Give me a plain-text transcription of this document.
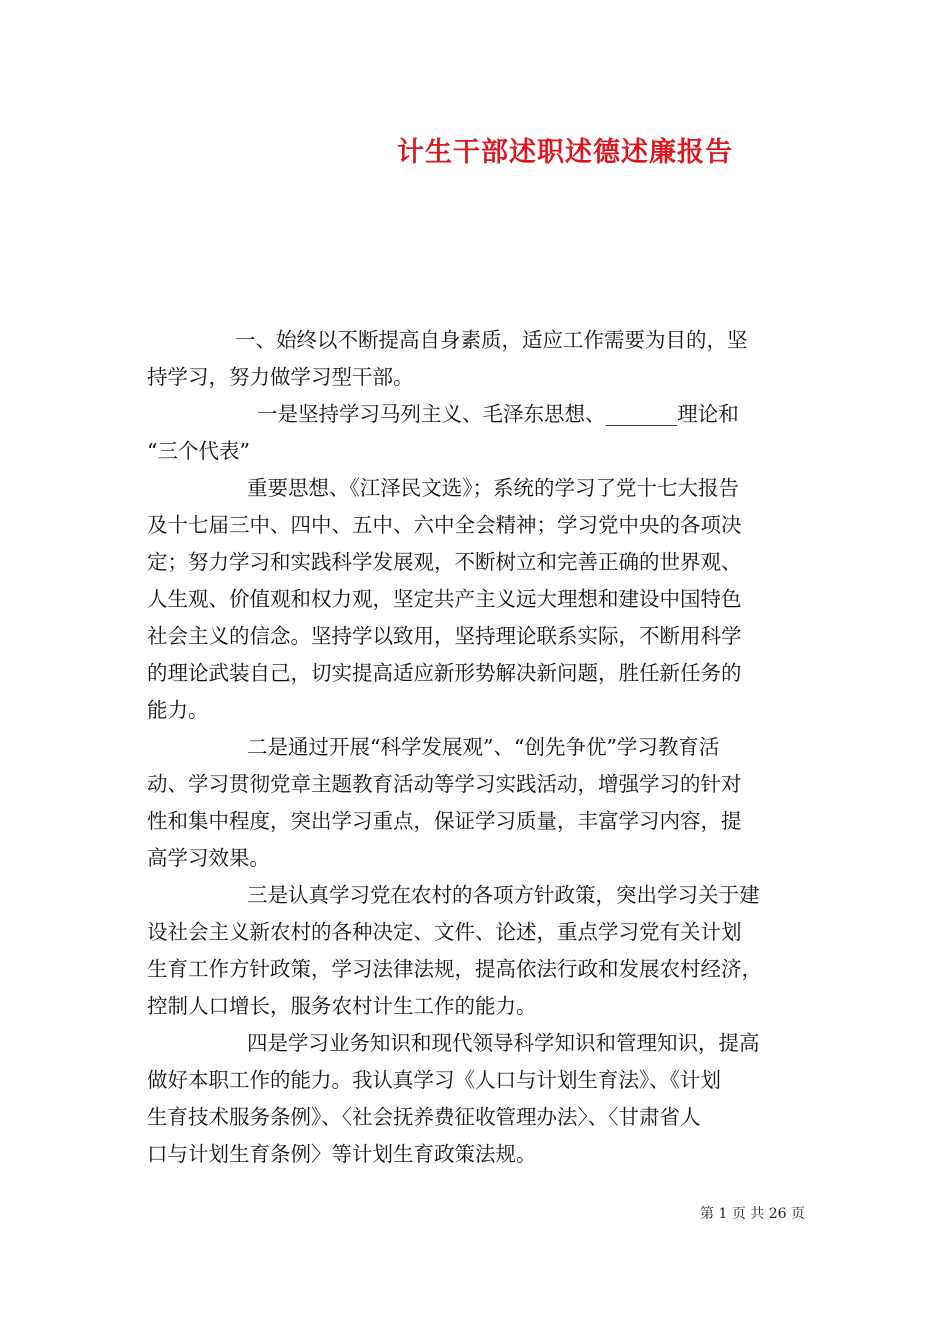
计生干部述职述德述廉报告
一、始终以不断提高自身素质，适应工作需要为目的，坚
持学习，努力做学习型干部。
一是坚持学习马列主义、毛泽东思想、_______理论和
“三个代表”
重要思想、《江泽民文选》；系统的学习了党十七大报告
及十七届三中、四中、五中、六中全会精神；学习党中央的各项决
定；努力学习和实践科学发展观，不断树立和完善正确的世界观、
人生观、价值观和权力观，坚定共产主义远大理想和建设中国特色
社会主义的信念。坚持学以致用，坚持理论联系实际，不断用科学
的理论武装自己，切实提高适应新形势解决新问题，胜任新任务的
能力。
二是通过开展“科学发展观”、“创先争优”学习教育活
动、学习贯彻党章主题教育活动等学习实践活动，增强学习的针对
性和集中程度，突出学习重点，保证学习质量，丰富学习内容，提
高学习效果。
三是认真学习党在农村的各项方针政策，突出学习关于建
设社会主义新农村的各种决定、文件、论述，重点学习党有关计划
生育工作方针政策，学习法律法规，提高依法行政和发展农村经济，
控制人口增长，服务农村计生工作的能力。
四是学习业务知识和现代领导科学知识和管理知识，提高
做好本职工作的能力。我认真学习《人口与计划生育法》、《计划
生育技术服务条例》、〈社会抚养费征收管理办法〉、〈甘肃省人
口与计划生育条例〉等计划生育政策法规。
第 1 页 共 26 页
